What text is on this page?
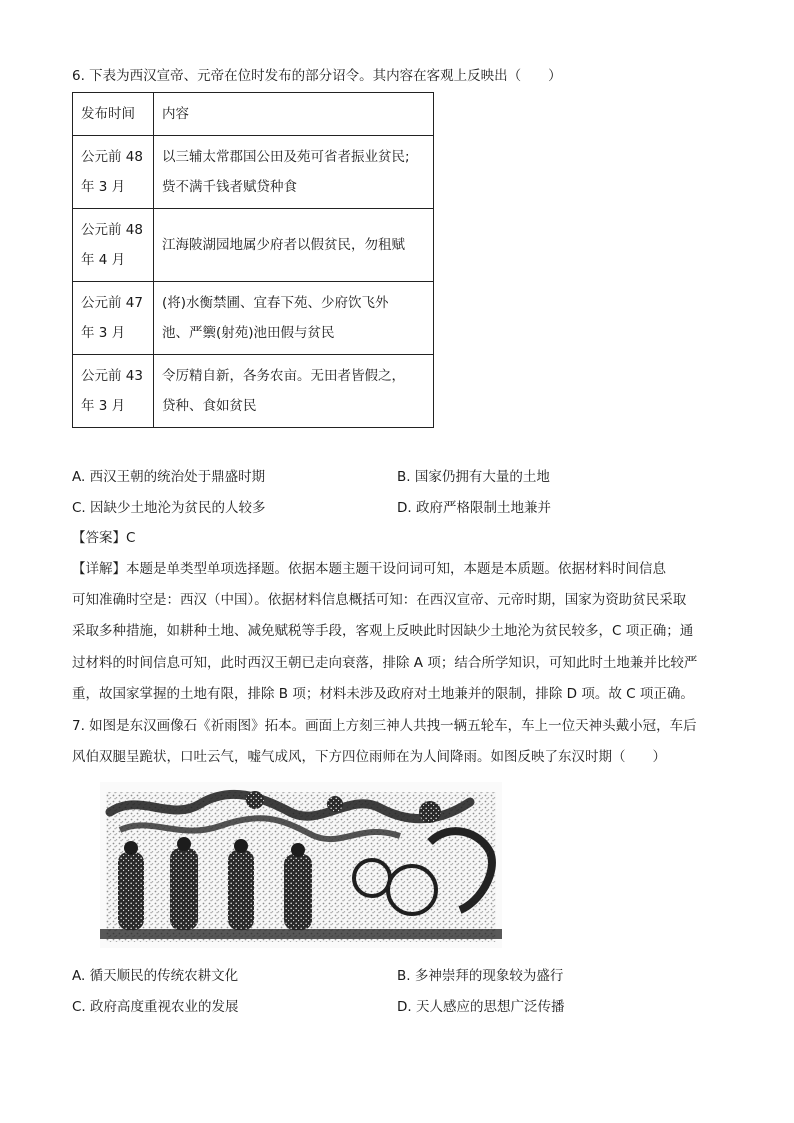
6. 下表为西汉宣帝、元帝在位时发布的部分诏令。其内容在客观上反映出（　　）
发布时间	内容
公元前 48
年 3 月	以三辅太常郡国公田及苑可省者振业贫民;
赀不满千钱者赋贷种食
公元前 48
年 4 月	江海陂湖园地属少府者以假贫民，勿租赋
公元前 47
年 3 月	(将)水衡禁圃、宜春下苑、少府饮飞外
池、严籞(射苑)池田假与贫民
公元前 43
年 3 月	令厉精自新，各务农亩。无田者皆假之，
贷种、食如贫民
A. 西汉王朝的统治处于鼎盛时期	B. 国家仍拥有大量的土地
C. 因缺少土地沦为贫民的人较多	D. 政府严格限制土地兼并
【答案】C
【详解】本题是单类型单项选择题。依据本题主题干设问词可知，本题是本质题。依据材料时间信息
可知准确时空是：西汉（中国）。依据材料信息概括可知：在西汉宣帝、元帝时期，国家为资助贫民采取
采取多种措施，如耕种土地、减免赋税等手段，客观上反映此时因缺少土地沦为贫民较多，C 项正确；通
过材料的时间信息可知，此时西汉王朝已走向衰落，排除 A 项；结合所学知识，可知此时土地兼并比较严
重，故国家掌握的土地有限，排除 B 项；材料未涉及政府对土地兼并的限制，排除 D 项。故 C 项正确。
7. 如图是东汉画像石《祈雨图》拓本。画面上方刻三神人共拽一辆五轮车，车上一位天神头戴小冠，车后
风伯双腿呈跪状，口吐云气，嘘气成风，下方四位雨师在为人间降雨。如图反映了东汉时期（　　）
A. 循天顺民的传统农耕文化	B. 多神崇拜的现象较为盛行
C. 政府高度重视农业的发展	D. 天人感应的思想广泛传播
